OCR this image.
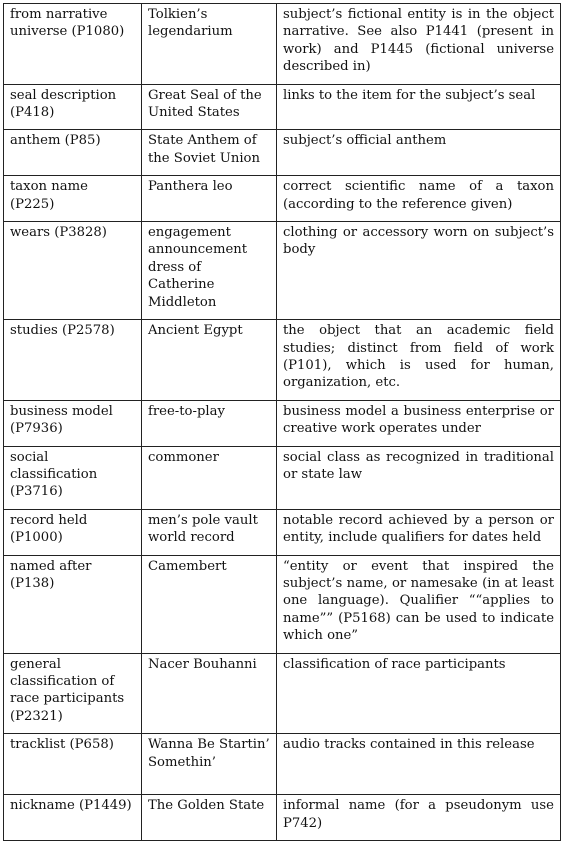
from narrative universe (P1080)	Tolkien’s legendarium	subject’s fictional entity is in the object narrative. See also P1441 (present in work) and P1445 (fictional universe described in)
seal description (P418)	Great Seal of the United States	links to the item for the subject’s seal
anthem (P85)	State Anthem of the Soviet Union	subject’s official anthem
taxon name (P225)	Panthera leo	correct scientific name of a taxon (according to the reference given)
wears (P3828)	engagement announcement dress of Catherine Middleton	clothing or accessory worn on subject’s body
studies (P2578)	Ancient Egypt	the object that an academic field studies; distinct from field of work (P101), which is used for human, organization, etc.
business model (P7936)	free-to-play	business model a business enterprise or creative work operates under
social classification (P3716)	commoner	social class as recognized in traditional or state law
record held (P1000)	men’s pole vault world record	notable record achieved by a person or entity, include qualifiers for dates held
named after (P138)	Camembert	“entity or event that inspired the subject’s name, or namesake (in at least one language). Qualifier ““applies to name”” (P5168) can be used to indicate which one”
general classification of race participants (P2321)	Nacer Bouhanni	classification of race participants
tracklist (P658)	Wanna Be Startin’ Somethin’	audio tracks contained in this release
nickname (P1449)	The Golden State	informal name (for a pseudonym use P742)
